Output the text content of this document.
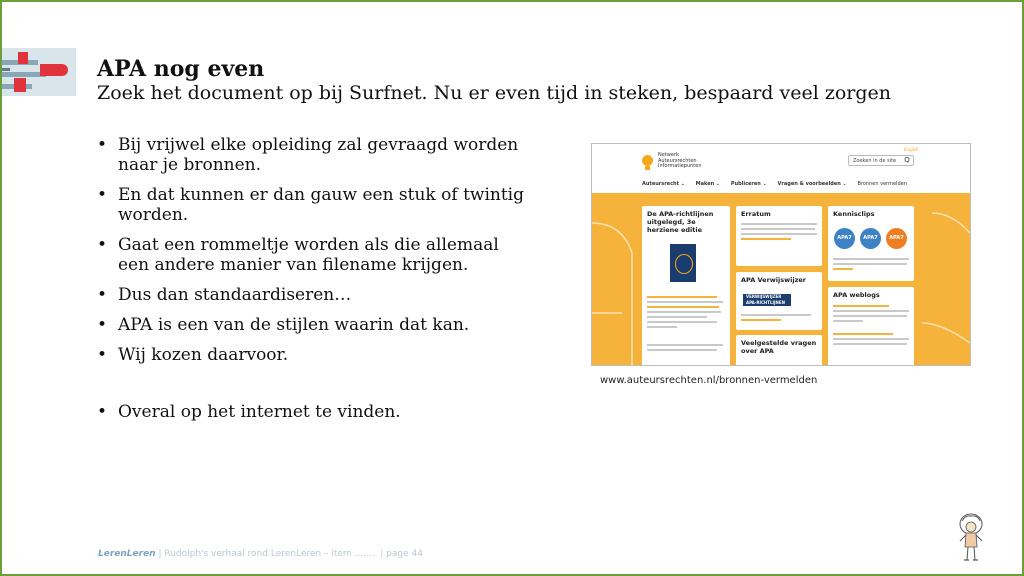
APA nog even

Zoek het document op bij Surfnet. Nu er even tijd in steken, bespaard veel zorgen

• Bij vrijwel elke opleiding zal gevraagd worden naar je bronnen.
• En dat kunnen er dan gauw een stuk of twintig worden.
• Gaat een rommeltje worden als die allemaal een andere manier van filename krijgen.
• Dus dan standaardiseren…
• APA is een van de stijlen waarin dat kan.
• Wij kozen daarvoor.
• Overal op het internet te vinden.
Netwerk
Auteursrechten
Informatiepunten
English
Zoeken in de site	Q
Auteursrecht ⌄ Maken ⌄ Publiceren ⌄ Vragen & voorbeelden ⌄ Bronnen vermelden
De APA-richtlijnen uitgelegd, 3e herziene editie
Erratum	Kennisclips
APA7	APA7	APA7
APA Verwijswijzer
VERWIJSWIJZER APA-RICHTLIJNEN
APA weblogs
Veelgestelde vragen over APA
www.auteursrechten.nl/bronnen-vermelden
LerenLeren | Rudolph's verhaal rond LerenLeren – item ........ | page 44
